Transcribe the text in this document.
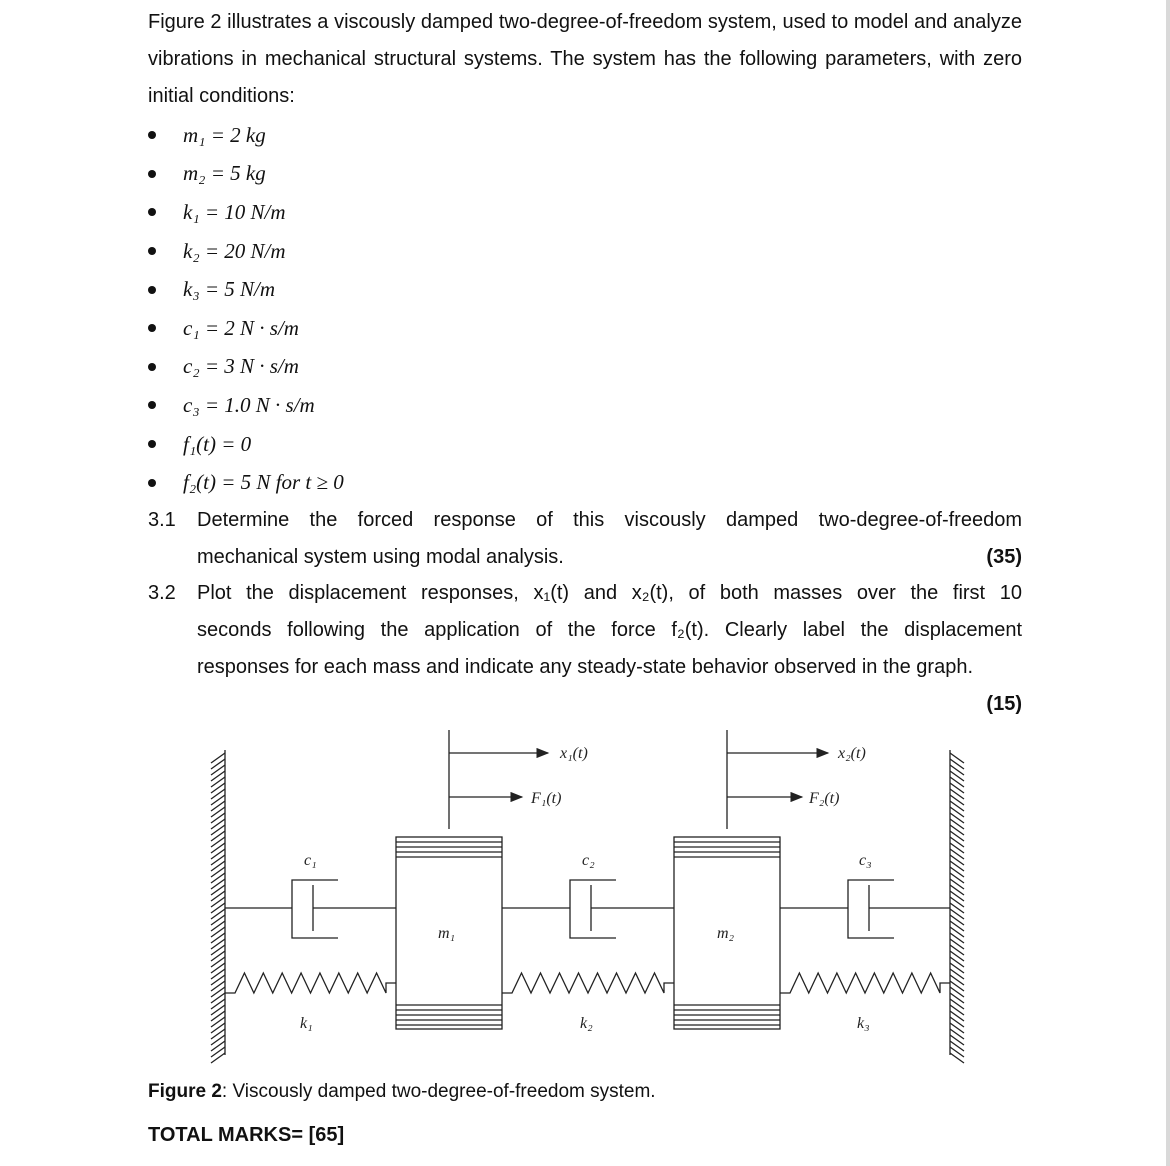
Figure 2 illustrates a viscously damped two-degree-of-freedom system, used to model and analyze vibrations in mechanical structural systems. The system has the following parameters, with zero initial conditions:

m₁ = 2 kg
m₂ = 5 kg
k₁ = 10 N/m
k₂ = 20 N/m
k₃ = 5 N/m
c₁ = 2 N · s/m
c₂ = 3 N · s/m
c₃ = 1.0 N · s/m
f₁(t) = 0
f₂(t) = 5 N for t ≥ 0
3.1 Determine the forced response of this viscously damped two-degree-of-freedom
mechanical system using modal analysis.	(35)
3.2 Plot the displacement responses, x₁(t) and x₂(t), of both masses over the first 10
seconds following the application of the force f₂(t). Clearly label the displacement
responses for each mass and indicate any steady-state behavior observed in the graph.
(15)
Figure 2: Viscously damped two-degree-of-freedom system.
TOTAL MARKS= [65]
x₁(t)
F₁(t)
x₂(t)
F₂(t)
c₁	c₂	c₃
m₁	m₂
k₁	k₂	k₃
